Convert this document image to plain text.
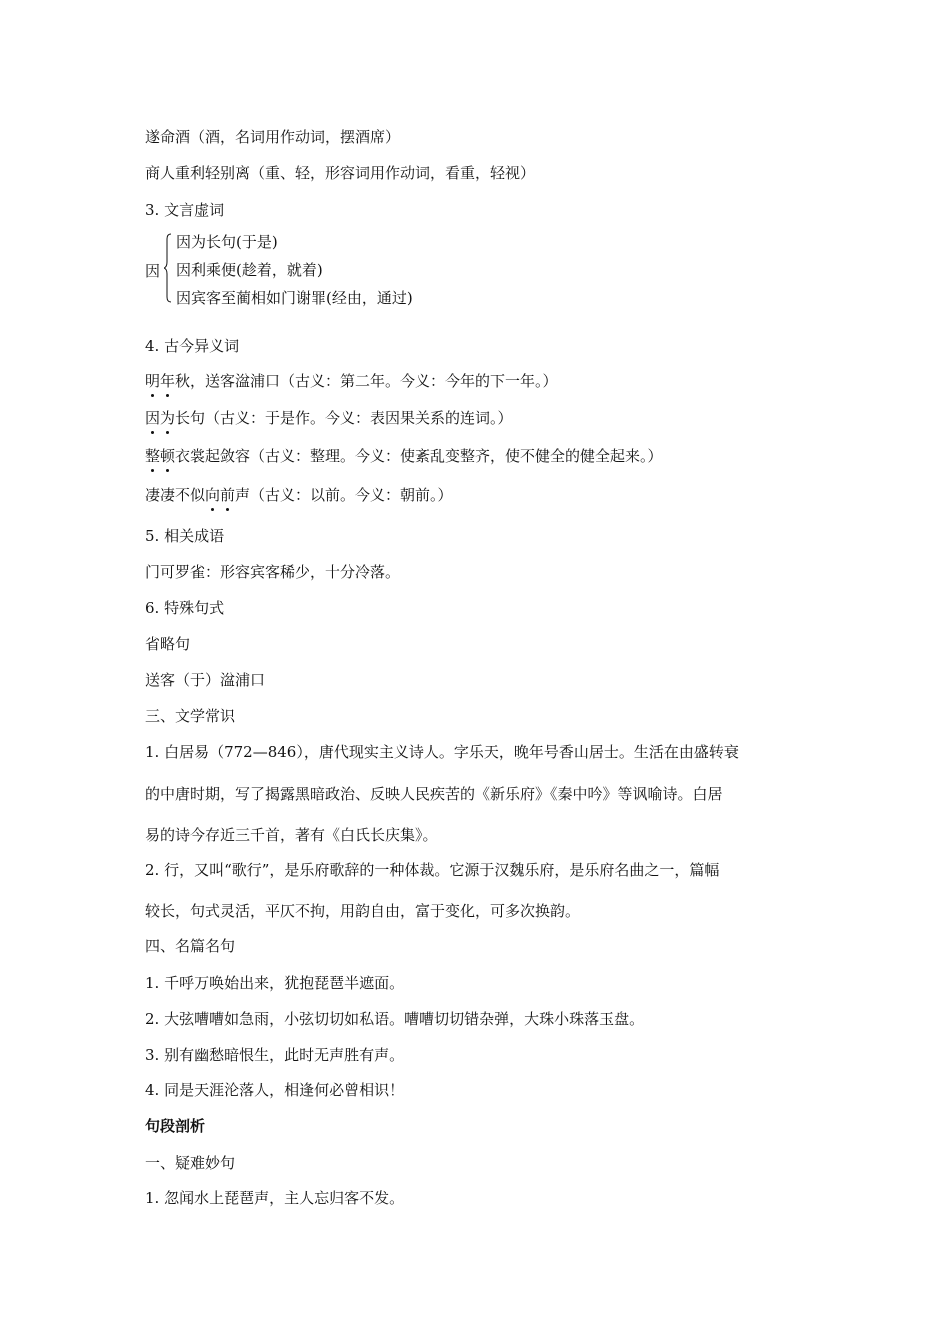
遂命酒（酒，名词用作动词，摆酒席）
商人重利轻别离（重、轻，形容词用作动词，看重，轻视）
3. 文言虚词
因
因为长句(于是)
因利乘便(趁着，就着)
因宾客至蔺相如门谢罪(经由，通过)
4. 古今异义词
明年秋，送客湓浦口（古义：第二年。今义：今年的下一年。）
因为长句（古义：于是作。今义：表因果关系的连词。）
整顿衣裳起敛容（古义：整理。今义：使紊乱变整齐，使不健全的健全起来。）
凄凄不似向前声（古义：以前。今义：朝前。）
5. 相关成语
门可罗雀：形容宾客稀少，十分冷落。
6. 特殊句式
省略句
送客（于）湓浦口
三、文学常识
1. 白居易（772—846），唐代现实主义诗人。字乐天，晚年号香山居士。生活在由盛转衰
的中唐时期，写了揭露黑暗政治、反映人民疾苦的《新乐府》《秦中吟》等讽喻诗。白居
易的诗今存近三千首，著有《白氏长庆集》。
2. 行，又叫“歌行”，是乐府歌辞的一种体裁。它源于汉魏乐府，是乐府名曲之一，篇幅
较长，句式灵活，平仄不拘，用韵自由，富于变化，可多次换韵。
四、名篇名句
1. 千呼万唤始出来，犹抱琵琶半遮面。
2. 大弦嘈嘈如急雨，小弦切切如私语。嘈嘈切切错杂弹，大珠小珠落玉盘。
3. 别有幽愁暗恨生，此时无声胜有声。
4. 同是天涯沦落人，相逢何必曾相识！
句段剖析
一、疑难妙句
1. 忽闻水上琵琶声，主人忘归客不发。
